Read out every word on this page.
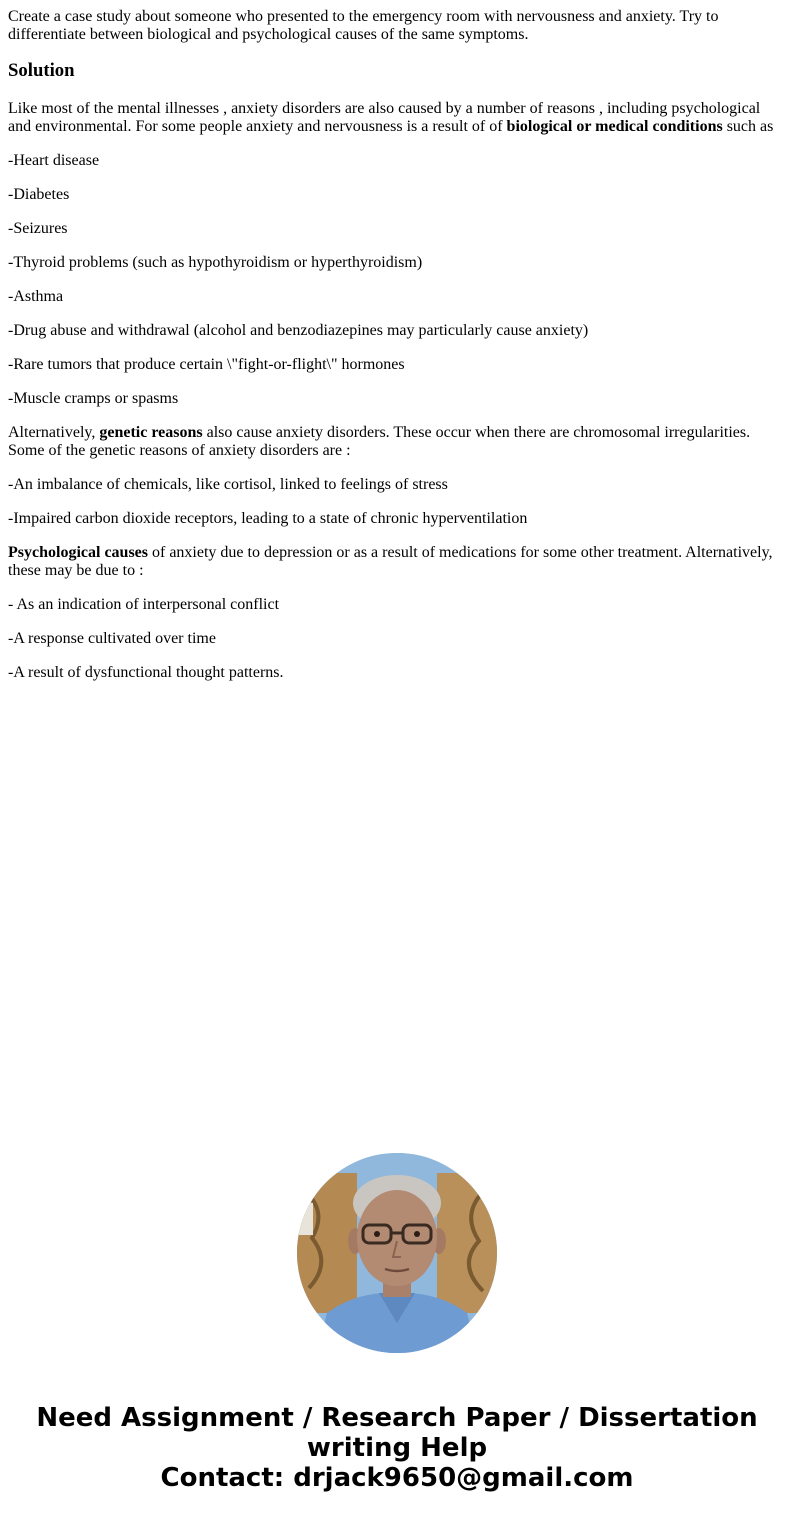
Create a case study about someone who presented to the emergency room with nervousness and anxiety. Try to differentiate between biological and psychological causes of the same symptoms.

Solution

Like most of the mental illnesses , anxiety disorders are also caused by a number of reasons , including psychological and environmental. For some people anxiety and nervousness is a result of of biological or medical conditions such as

-Heart disease

-Diabetes

-Seizures

-Thyroid problems (such as hypothyroidism or hyperthyroidism)

-Asthma

-Drug abuse and withdrawal (alcohol and benzodiazepines may particularly cause anxiety)

-Rare tumors that produce certain \"fight-or-flight\" hormones

-Muscle cramps or spasms

Alternatively, genetic reasons also cause anxiety disorders. These occur when there are chromosomal irregularities. Some of the genetic reasons of anxiety disorders are :

-An imbalance of chemicals, like cortisol, linked to feelings of stress

-Impaired carbon dioxide receptors, leading to a state of chronic hyperventilation

Psychological causes of anxiety due to depression or as a result of medications for some other treatment. Alternatively, these may be due to :

- As an indication of interpersonal conflict

-A response cultivated over time

-A result of dysfunctional thought patterns.

Need Assignment / Research Paper / Dissertation
writing Help
Contact: drjack9650@gmail.com
